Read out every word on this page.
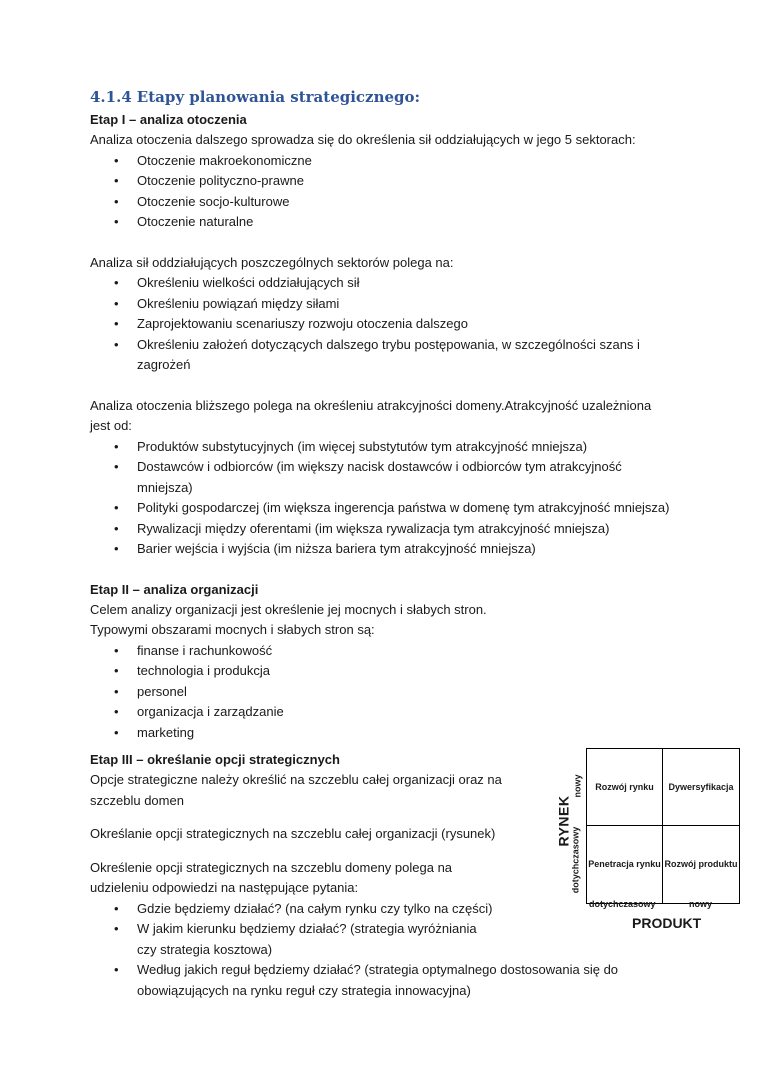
4.1.4 Etapy planowania strategicznego:
Etap I – analiza otoczenia

Analiza otoczenia dalszego sprowadza się do określenia sił oddziałujących w jego 5 sektorach:

• Otoczenie makroekonomiczne
• Otoczenie polityczno-prawne
• Otoczenie socjo-kulturowe
• Otoczenie naturalne

Analiza sił oddziałujących poszczególnych sektorów polega na:

• Określeniu wielkości oddziałujących sił
• Określeniu powiązań między siłami
• Zaprojektowaniu scenariuszy rozwoju otoczenia dalszego
• Określeniu założeń dotyczących dalszego trybu postępowania, w szczególności szans i zagrożeń

Analiza otoczenia bliższego polega na określeniu atrakcyjności domeny.Atrakcyjność uzależniona jest od:

• Produktów substytucyjnych (im więcej substytutów tym atrakcyjność mniejsza)
• Dostawców i odbiorców (im większy nacisk dostawców i odbiorców tym atrakcyjność mniejsza)
• Polityki gospodarczej (im większa ingerencja państwa w domenę tym atrakcyjność mniejsza)
• Rywalizacji między oferentami (im większa rywalizacja tym atrakcyjność mniejsza)
• Barier wejścia i wyjścia (im niższa bariera tym atrakcyjność mniejsza)
Etap II – analiza organizacji

Celem analizy organizacji jest określenie jej mocnych i słabych stron.

Typowymi obszarami mocnych i słabych stron są:

• finanse i rachunkowość
• technologia i produkcja
• personel
• organizacja i zarządzanie
• marketing
Etap III – określanie opcji strategicznych

Opcje strategiczne należy określić na szczeblu całej organizacji oraz na szczeblu domen

Określanie opcji strategicznych na szczeblu całej organizacji (rysunek)

Określenie opcji strategicznych na szczeblu domeny polega na udzieleniu odpowiedzi na następujące pytania:

• Gdzie będziemy działać? (na całym rynku czy tylko na części)
• W jakim kierunku będziemy działać? (strategia wyróżniania czy strategia kosztowa)
• Według jakich reguł będziemy działać? (strategia optymalnego dostosowania się do obowiązujących na rynku reguł czy strategia innowacyjna)
RYNEK
nowy
dotychczasowy
Rozwój rynku	Dywersyfikacja
Penetracja rynku Rozwój produktu
dotychczasowy	nowy
PRODUKT
